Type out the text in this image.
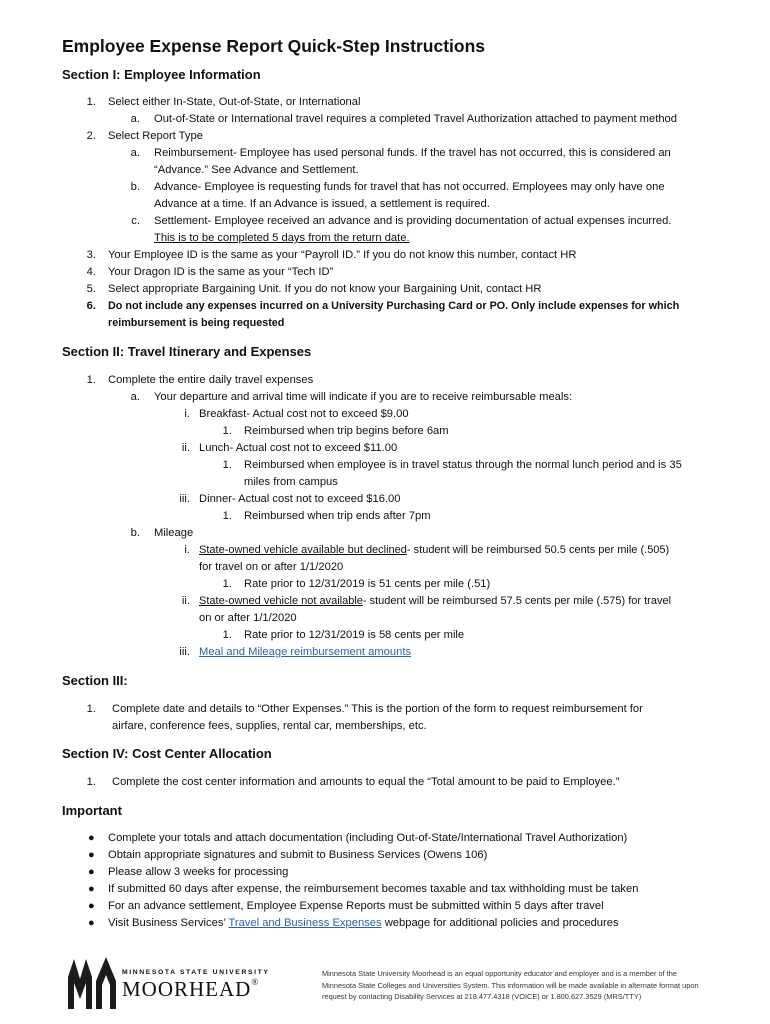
Employee Expense Report Quick-Step Instructions
Section I: Employee Information
1. Select either In-State, Out-of-State, or International
a. Out-of-State or International travel requires a completed Travel Authorization attached to payment method
2. Select Report Type
a. Reimbursement- Employee has used personal funds. If the travel has not occurred, this is considered an
“Advance.” See Advance and Settlement.
b. Advance- Employee is requesting funds for travel that has not occurred. Employees may only have one
Advance at a time. If an Advance is issued, a settlement is required.
c. Settlement- Employee received an advance and is providing documentation of actual expenses incurred.
This is to be completed 5 days from the return date.
3. Your Employee ID is the same as your “Payroll ID.” If you do not know this number, contact HR
4. Your Dragon ID is the same as your “Tech ID”
5. Select appropriate Bargaining Unit. If you do not know your Bargaining Unit, contact HR
6. Do not include any expenses incurred on a University Purchasing Card or PO. Only include expenses for which
reimbursement is being requested
Section II: Travel Itinerary and Expenses
1. Complete the entire daily travel expenses
a. Your departure and arrival time will indicate if you are to receive reimbursable meals:
i. Breakfast- Actual cost not to exceed $9.00
1. Reimbursed when trip begins before 6am
ii. Lunch- Actual cost not to exceed $11.00
1. Reimbursed when employee is in travel status through the normal lunch period and is 35
miles from campus
iii. Dinner- Actual cost not to exceed $16.00
1. Reimbursed when trip ends after 7pm
b. Mileage
i. State-owned vehicle available but declined- student will be reimbursed 50.5 cents per mile (.505)
for travel on or after 1/1/2020
1. Rate prior to 12/31/2019 is 51 cents per mile (.51)
ii. State-owned vehicle not available- student will be reimbursed 57.5 cents per mile (.575) for travel
on or after 1/1/2020
1. Rate prior to 12/31/2019 is 58 cents per mile
iii. Meal and Mileage reimbursement amounts
Section III:
1. Complete date and details to “Other Expenses.” This is the portion of the form to request reimbursement for
airfare, conference fees, supplies, rental car, memberships, etc.
Section IV: Cost Center Allocation
1. Complete the cost center information and amounts to equal the “Total amount to be paid to Employee.”
Important
● Complete your totals and attach documentation (including Out-of-State/International Travel Authorization)
● Obtain appropriate signatures and submit to Business Services (Owens 106)
● Please allow 3 weeks for processing
● If submitted 60 days after expense, the reimbursement becomes taxable and tax withholding must be taken
● For an advance settlement, Employee Expense Reports must be submitted within 5 days after travel
● Visit Business Services’ Travel and Business Expenses webpage for additional policies and procedures
MINNESOTA STATE UNIVERSITY
MOORHEAD®
Minnesota State University Moorhead is an equal opportunity educator and employer and is a member of the
Minnesota State Colleges and Universities System. This information will be made available in alternate format upon
request by contacting Disability Services at 218.477.4318 (VOICE) or 1.800.627.3529 (MRS/TTY)
